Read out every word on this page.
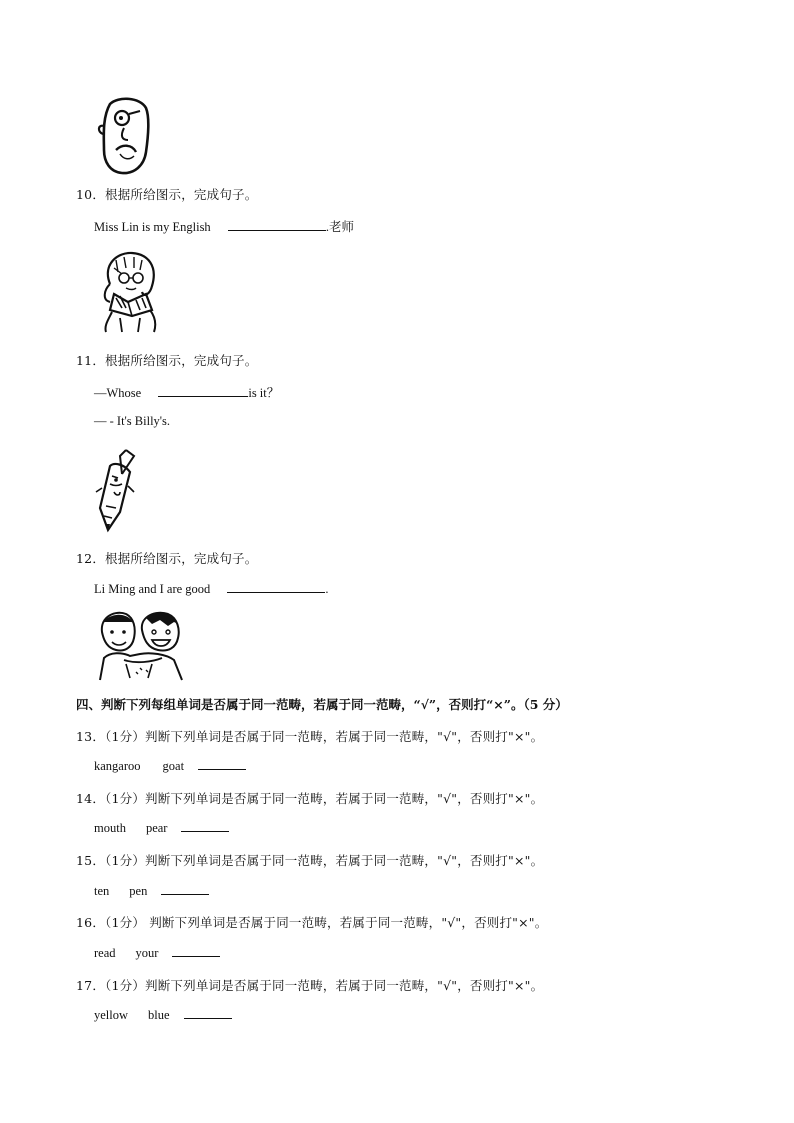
10．根据所给图示，完成句子。
Miss Lin is my English	.老师
11．根据所给图示，完成句子。
—Whose	is it？
— - It's Billy's.
12．根据所给图示，完成句子。
Li Ming and I are good	.
四、判断下列每组单词是否属于同一范畴，若属于同一范畴，“√”，否则打“×”。（5 分）
13．（1分）判断下列单词是否属于同一范畴，若属于同一范畴，"√"，否则打"×"。
kangaroo goat
14．（1分）判断下列单词是否属于同一范畴，若属于同一范畴，"√"，否则打"×"。
mouth pear
15．（1分）判断下列单词是否属于同一范畴，若属于同一范畴，"√"，否则打"×"。
ten pen
16．（1分） 判断下列单词是否属于同一范畴，若属于同一范畴，"√"，否则打"×"。
read your
17．（1分）判断下列单词是否属于同一范畴，若属于同一范畴，"√"，否则打"×"。
yellow blue
